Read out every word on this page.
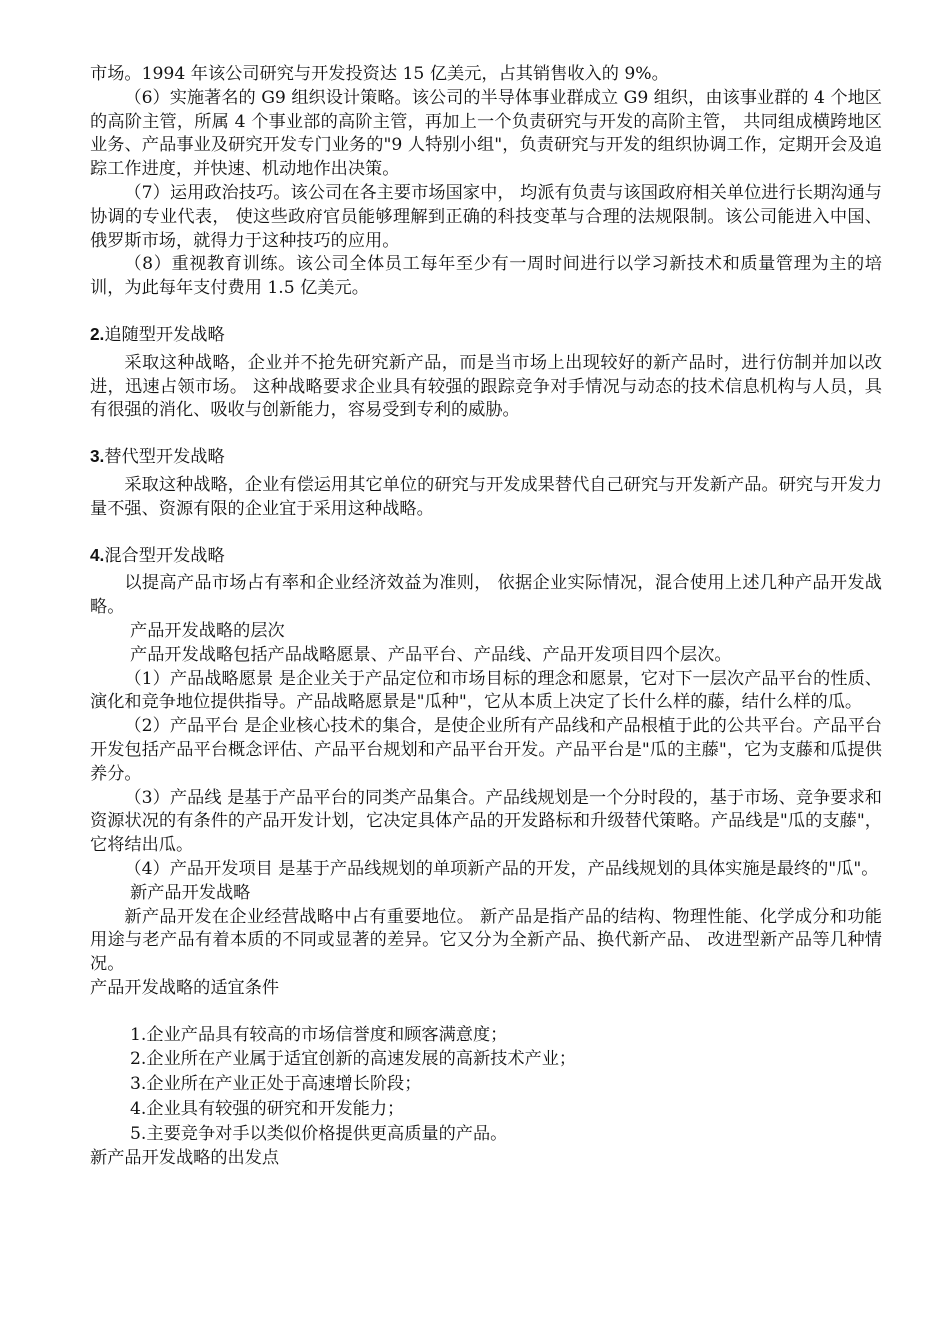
市场。1994 年该公司研究与开发投资达 15 亿美元，占其销售收入的 9%。

（6）实施著名的 G9 组织设计策略。该公司的半导体事业群成立 G9 组织，由该事业群的 4 个地区的高阶主管，所属 4 个事业部的高阶主管，再加上一个负责研究与开发的高阶主管， 共同组成横跨地区业务、产品事业及研究开发专门业务的"9 人特别小组"，负责研究与开发的组织协调工作，定期开会及追踪工作进度，并快速、机动地作出决策。

（7）运用政治技巧。该公司在各主要市场国家中， 均派有负责与该国政府相关单位进行长期沟通与协调的专业代表， 使这些政府官员能够理解到正确的科技变革与合理的法规限制。该公司能进入中国、俄罗斯市场，就得力于这种技巧的应用。

（8）重视教育训练。该公司全体员工每年至少有一周时间进行以学习新技术和质量管理为主的培训，为此每年支付费用 1.5 亿美元。

2.追随型开发战略

采取这种战略，企业并不抢先研究新产品，而是当市场上出现较好的新产品时，进行仿制并加以改进，迅速占领市场。 这种战略要求企业具有较强的跟踪竞争对手情况与动态的技术信息机构与人员，具有很强的消化、吸收与创新能力，容易受到专利的威胁。

3.替代型开发战略

采取这种战略，企业有偿运用其它单位的研究与开发成果替代自己研究与开发新产品。研究与开发力量不强、资源有限的企业宜于采用这种战略。

4.混合型开发战略

以提高产品市场占有率和企业经济效益为准则， 依据企业实际情况，混合使用上述几种产品开发战略。

产品开发战略的层次

产品开发战略包括产品战略愿景、产品平台、产品线、产品开发项目四个层次。

（1）产品战略愿景 是企业关于产品定位和市场目标的理念和愿景，它对下一层次产品平台的性质、演化和竞争地位提供指导。产品战略愿景是"瓜种"，它从本质上决定了长什么样的藤，结什么样的瓜。

（2）产品平台 是企业核心技术的集合，是使企业所有产品线和产品根植于此的公共平台。产品平台开发包括产品平台概念评估、产品平台规划和产品平台开发。产品平台是"瓜的主藤"，它为支藤和瓜提供养分。

（3）产品线 是基于产品平台的同类产品集合。产品线规划是一个分时段的，基于市场、竞争要求和资源状况的有条件的产品开发计划，它决定具体产品的开发路标和升级替代策略。产品线是"瓜的支藤"，它将结出瓜。

（4）产品开发项目 是基于产品线规划的单项新产品的开发，产品线规划的具体实施是最终的"瓜"。

新产品开发战略

新产品开发在企业经营战略中占有重要地位。 新产品是指产品的结构、物理性能、化学成分和功能用途与老产品有着本质的不同或显著的差异。它又分为全新产品、换代新产品、 改进型新产品等几种情况。

产品开发战略的适宜条件

1.企业产品具有较高的市场信誉度和顾客满意度；

2.企业所在产业属于适宜创新的高速发展的高新技术产业；

3.企业所在产业正处于高速增长阶段；

4.企业具有较强的研究和开发能力；

5.主要竞争对手以类似价格提供更高质量的产品。

新产品开发战略的出发点
